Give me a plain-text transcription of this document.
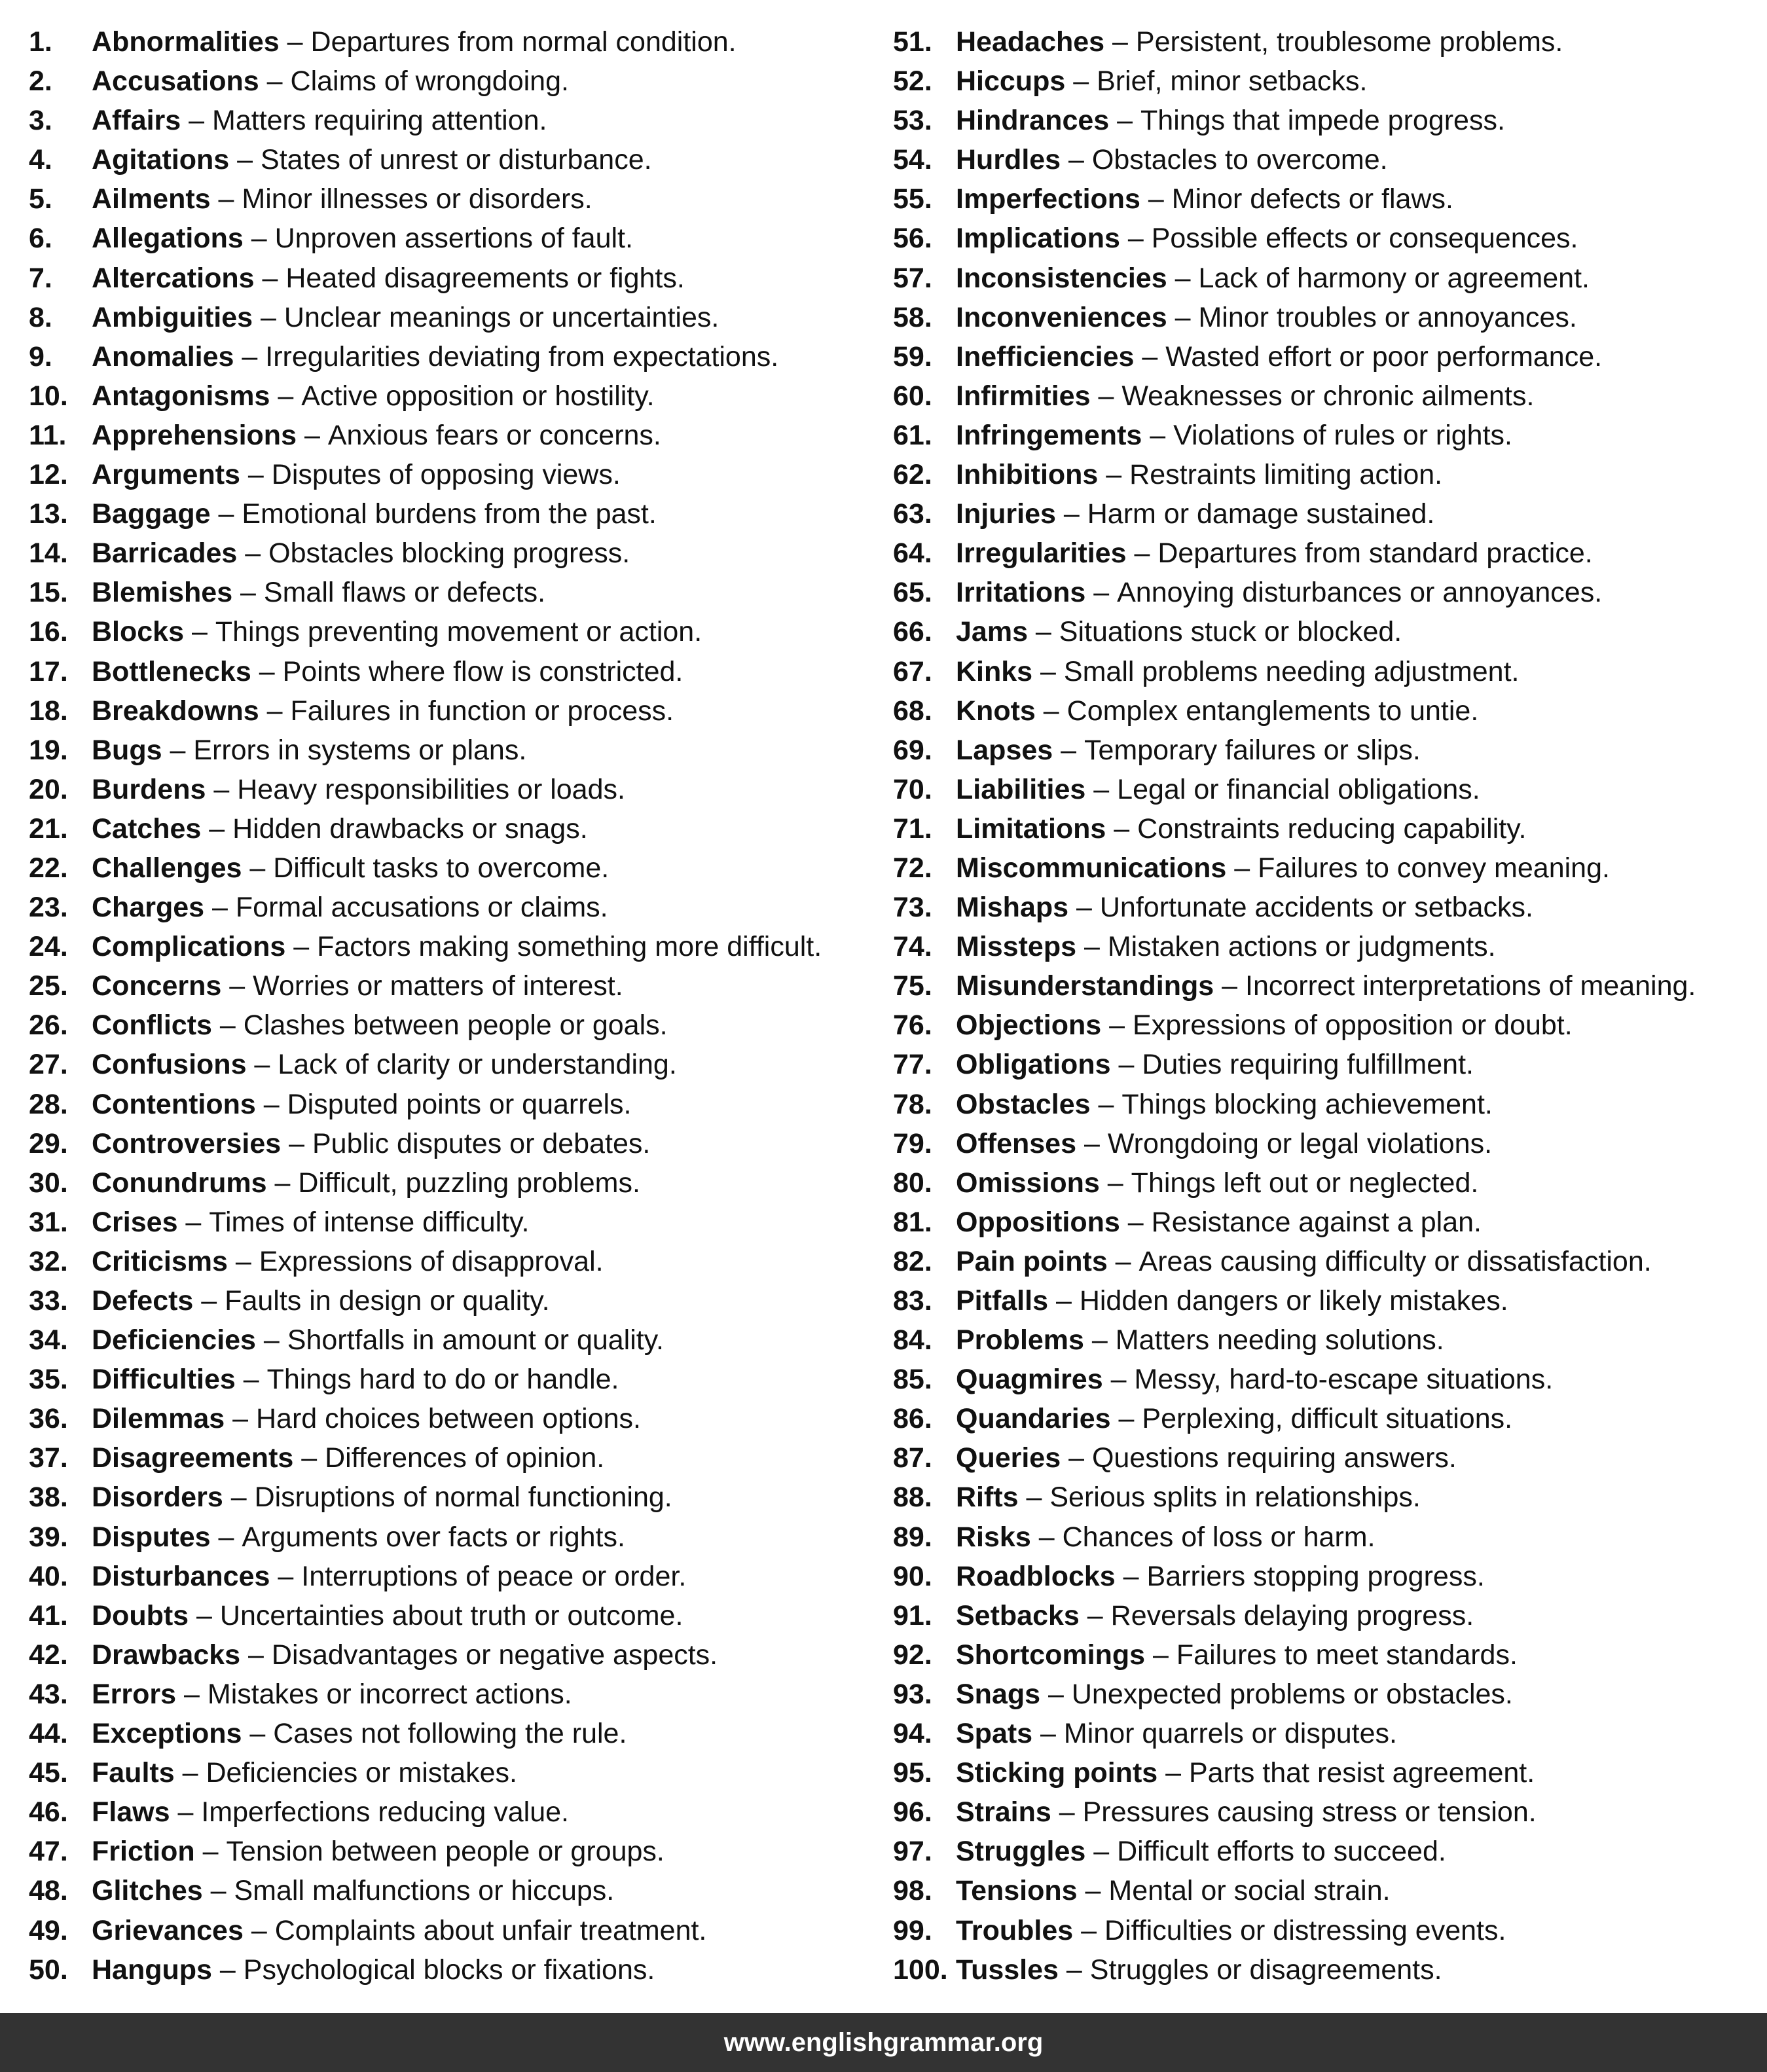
1.	Abnormalities – Departures from normal condition.
2.	Accusations – Claims of wrongdoing.
3.	Affairs – Matters requiring attention.
4.	Agitations – States of unrest or disturbance.
5.	Ailments – Minor illnesses or disorders.
6.	Allegations – Unproven assertions of fault.
7.	Altercations – Heated disagreements or fights.
8.	Ambiguities – Unclear meanings or uncertainties.
9.	Anomalies – Irregularities deviating from expectations.
10. Antagonisms – Active opposition or hostility.
11. Apprehensions – Anxious fears or concerns.
12. Arguments – Disputes of opposing views.
13. Baggage – Emotional burdens from the past.
14. Barricades – Obstacles blocking progress.
15. Blemishes – Small flaws or defects.
16. Blocks – Things preventing movement or action.
17. Bottlenecks – Points where flow is constricted.
18. Breakdowns – Failures in function or process.
19. Bugs – Errors in systems or plans.
20. Burdens – Heavy responsibilities or loads.
21. Catches – Hidden drawbacks or snags.
22. Challenges – Difficult tasks to overcome.
23. Charges – Formal accusations or claims.
24. Complications – Factors making something more difficult.
25. Concerns – Worries or matters of interest.
26. Conflicts – Clashes between people or goals.
27. Confusions – Lack of clarity or understanding.
28. Contentions – Disputed points or quarrels.
29. Controversies – Public disputes or debates.
30. Conundrums – Difficult, puzzling problems.
31. Crises – Times of intense difficulty.
32. Criticisms – Expressions of disapproval.
33. Defects – Faults in design or quality.
34. Deficiencies – Shortfalls in amount or quality.
35. Difficulties – Things hard to do or handle.
36. Dilemmas – Hard choices between options.
37. Disagreements – Differences of opinion.
38. Disorders – Disruptions of normal functioning.
39. Disputes – Arguments over facts or rights.
40. Disturbances – Interruptions of peace or order.
41. Doubts – Uncertainties about truth or outcome.
42. Drawbacks – Disadvantages or negative aspects.
43. Errors – Mistakes or incorrect actions.
44. Exceptions – Cases not following the rule.
45. Faults – Deficiencies or mistakes.
46. Flaws – Imperfections reducing value.
47. Friction – Tension between people or groups.
48. Glitches – Small malfunctions or hiccups.
49. Grievances – Complaints about unfair treatment.
50. Hangups – Psychological blocks or fixations.
51. Headaches – Persistent, troublesome problems.
52. Hiccups – Brief, minor setbacks.
53. Hindrances – Things that impede progress.
54. Hurdles – Obstacles to overcome.
55. Imperfections – Minor defects or flaws.
56. Implications – Possible effects or consequences.
57. Inconsistencies – Lack of harmony or agreement.
58. Inconveniences – Minor troubles or annoyances.
59. Inefficiencies – Wasted effort or poor performance.
60. Infirmities – Weaknesses or chronic ailments.
61. Infringements – Violations of rules or rights.
62. Inhibitions – Restraints limiting action.
63. Injuries – Harm or damage sustained.
64. Irregularities – Departures from standard practice.
65. Irritations – Annoying disturbances or annoyances.
66. Jams – Situations stuck or blocked.
67. Kinks – Small problems needing adjustment.
68. Knots – Complex entanglements to untie.
69. Lapses – Temporary failures or slips.
70. Liabilities – Legal or financial obligations.
71. Limitations – Constraints reducing capability.
72. Miscommunications – Failures to convey meaning.
73. Mishaps – Unfortunate accidents or setbacks.
74. Missteps – Mistaken actions or judgments.
75. Misunderstandings – Incorrect interpretations of meaning.
76. Objections – Expressions of opposition or doubt.
77. Obligations – Duties requiring fulfillment.
78. Obstacles – Things blocking achievement.
79. Offenses – Wrongdoing or legal violations.
80. Omissions – Things left out or neglected.
81. Oppositions – Resistance against a plan.
82. Pain points – Areas causing difficulty or dissatisfaction.
83. Pitfalls – Hidden dangers or likely mistakes.
84. Problems – Matters needing solutions.
85. Quagmires – Messy, hard-to-escape situations.
86. Quandaries – Perplexing, difficult situations.
87. Queries – Questions requiring answers.
88. Rifts – Serious splits in relationships.
89. Risks – Chances of loss or harm.
90. Roadblocks – Barriers stopping progress.
91. Setbacks – Reversals delaying progress.
92. Shortcomings – Failures to meet standards.
93. Snags – Unexpected problems or obstacles.
94. Spats – Minor quarrels or disputes.
95. Sticking points – Parts that resist agreement.
96. Strains – Pressures causing stress or tension.
97. Struggles – Difficult efforts to succeed.
98. Tensions – Mental or social strain.
99. Troubles – Difficulties or distressing events.
100. Tussles – Struggles or disagreements.
www.englishgrammar.org
